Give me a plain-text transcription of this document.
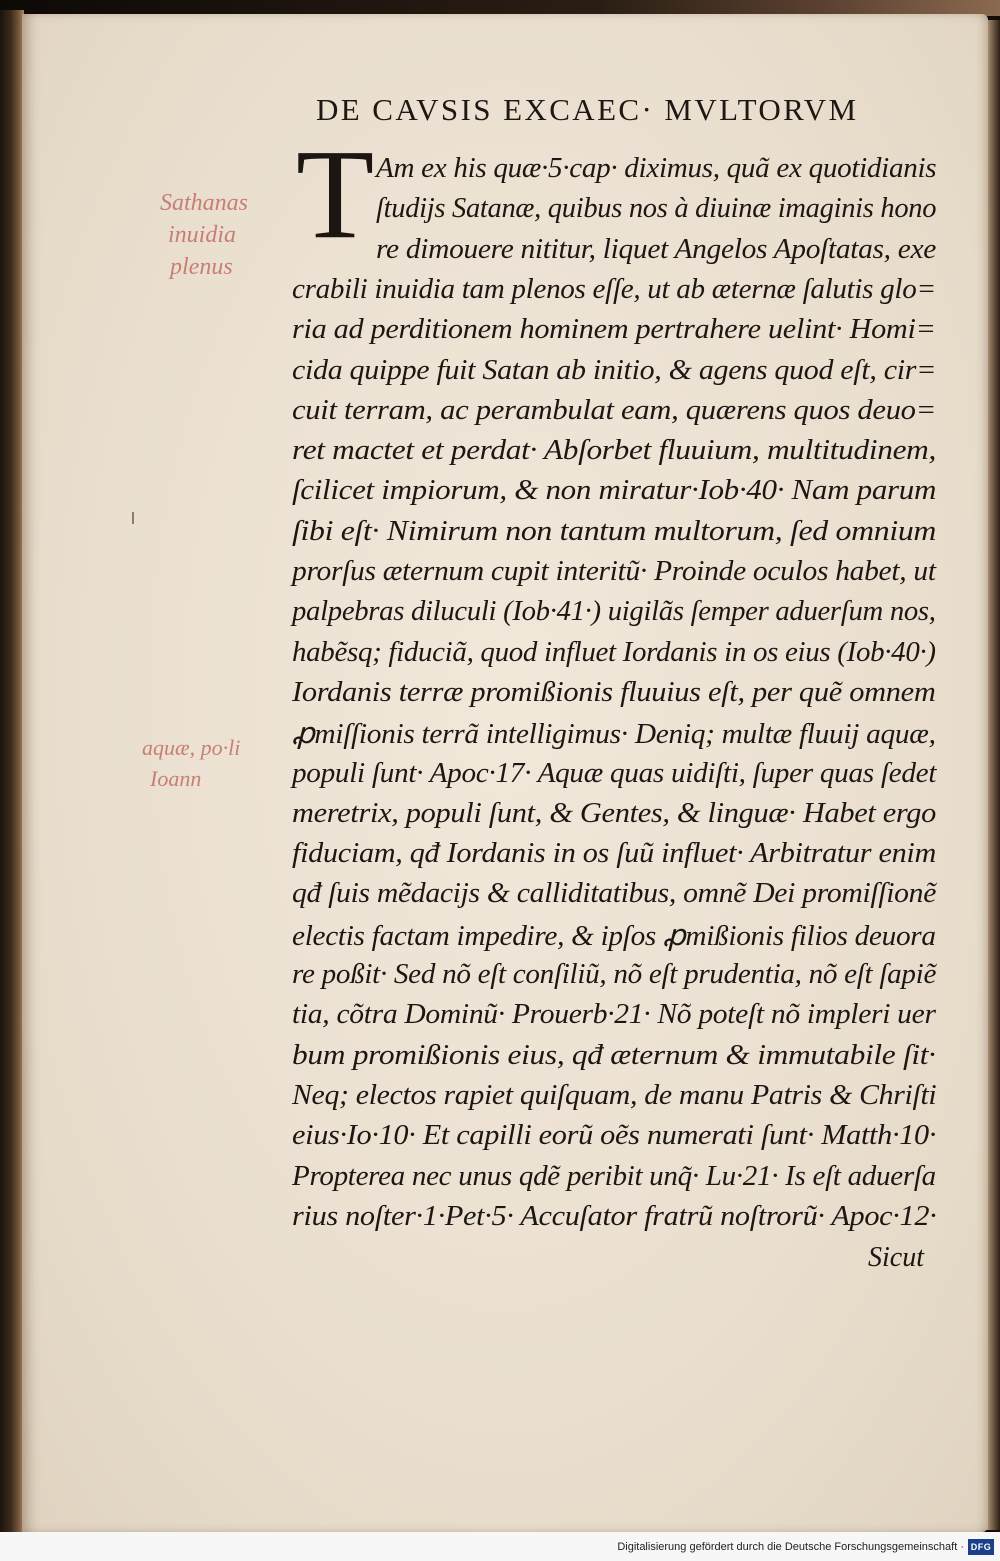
DE CAVSIS EXCAEC· MVLTORVM
T Am ex his quæ·5·cap· diximus, quã ex quotidianis
ſtudijs Satanæ, quibus nos à diuinæ imaginis hono
re dimouere nititur, liquet Angelos Apoſtatas, exe
crabili inuidia tam plenos eſſe, ut ab æternæ ſalutis glo=
ria ad perditionem hominem pertrahere uelint· Homi=
cida quippe fuit Satan ab initio, & agens quod eſt, cir=
cuit terram, ac perambulat eam, quærens quos deuo=
ret mactet et perdat· Abſorbet fluuium, multitudinem,
ſcilicet impiorum, & non miratur·Iob·40· Nam parum
ſibi eſt· Nimirum non tantum multorum, ſed omnium
prorſus æternum cupit interitũ· Proinde oculos habet, ut
palpebras diluculi (Iob·41·) uigilãs ſemper aduerſum nos,
habẽsq; fiduciã, quod influet Iordanis in os eius (Iob·40·)
Iordanis terræ promißionis fluuius eſt, per quẽ omnem
ꝓmiſſionis terrã intelligimus· Deniq; multæ fluuij aquæ,
populi ſunt· Apoc·17· Aquæ quas uidiſti, ſuper quas ſedet
meretrix, populi ſunt, & Gentes, & linguæ· Habet ergo
fiduciam, qđ Iordanis in os ſuũ influet· Arbitratur enim
qđ ſuis mẽdacijs & calliditatibus, omnẽ Dei promiſſionẽ
electis factam impedire, & ipſos ꝓmißionis filios deuora
re poßit· Sed nõ eſt conſiliũ, nõ eſt prudentia, nõ eſt ſapiẽ
tia, cõtra Dominũ· Prouerb·21· Nõ poteſt nõ impleri uer
bum promißionis eius, qđ æternum & immutabile ſit·
Neq; electos rapiet quiſquam, de manu Patris & Chriſti
eius·Io·10· Et capilli eorũ oẽs numerati ſunt· Matth·10·
Propterea nec unus qdẽ peribit unq̃· Lu·21· Is eſt aduerſa
rius noſter·1·Pet·5· Accuſator fratrũ noſtrorũ· Apoc·12·
Sicut
Sathanas
inuidia
plenus
aquæ, po·li
Ioann
Digitalisierung gefördert durch die Deutsche Forschungsgemeinschaft · DFG
